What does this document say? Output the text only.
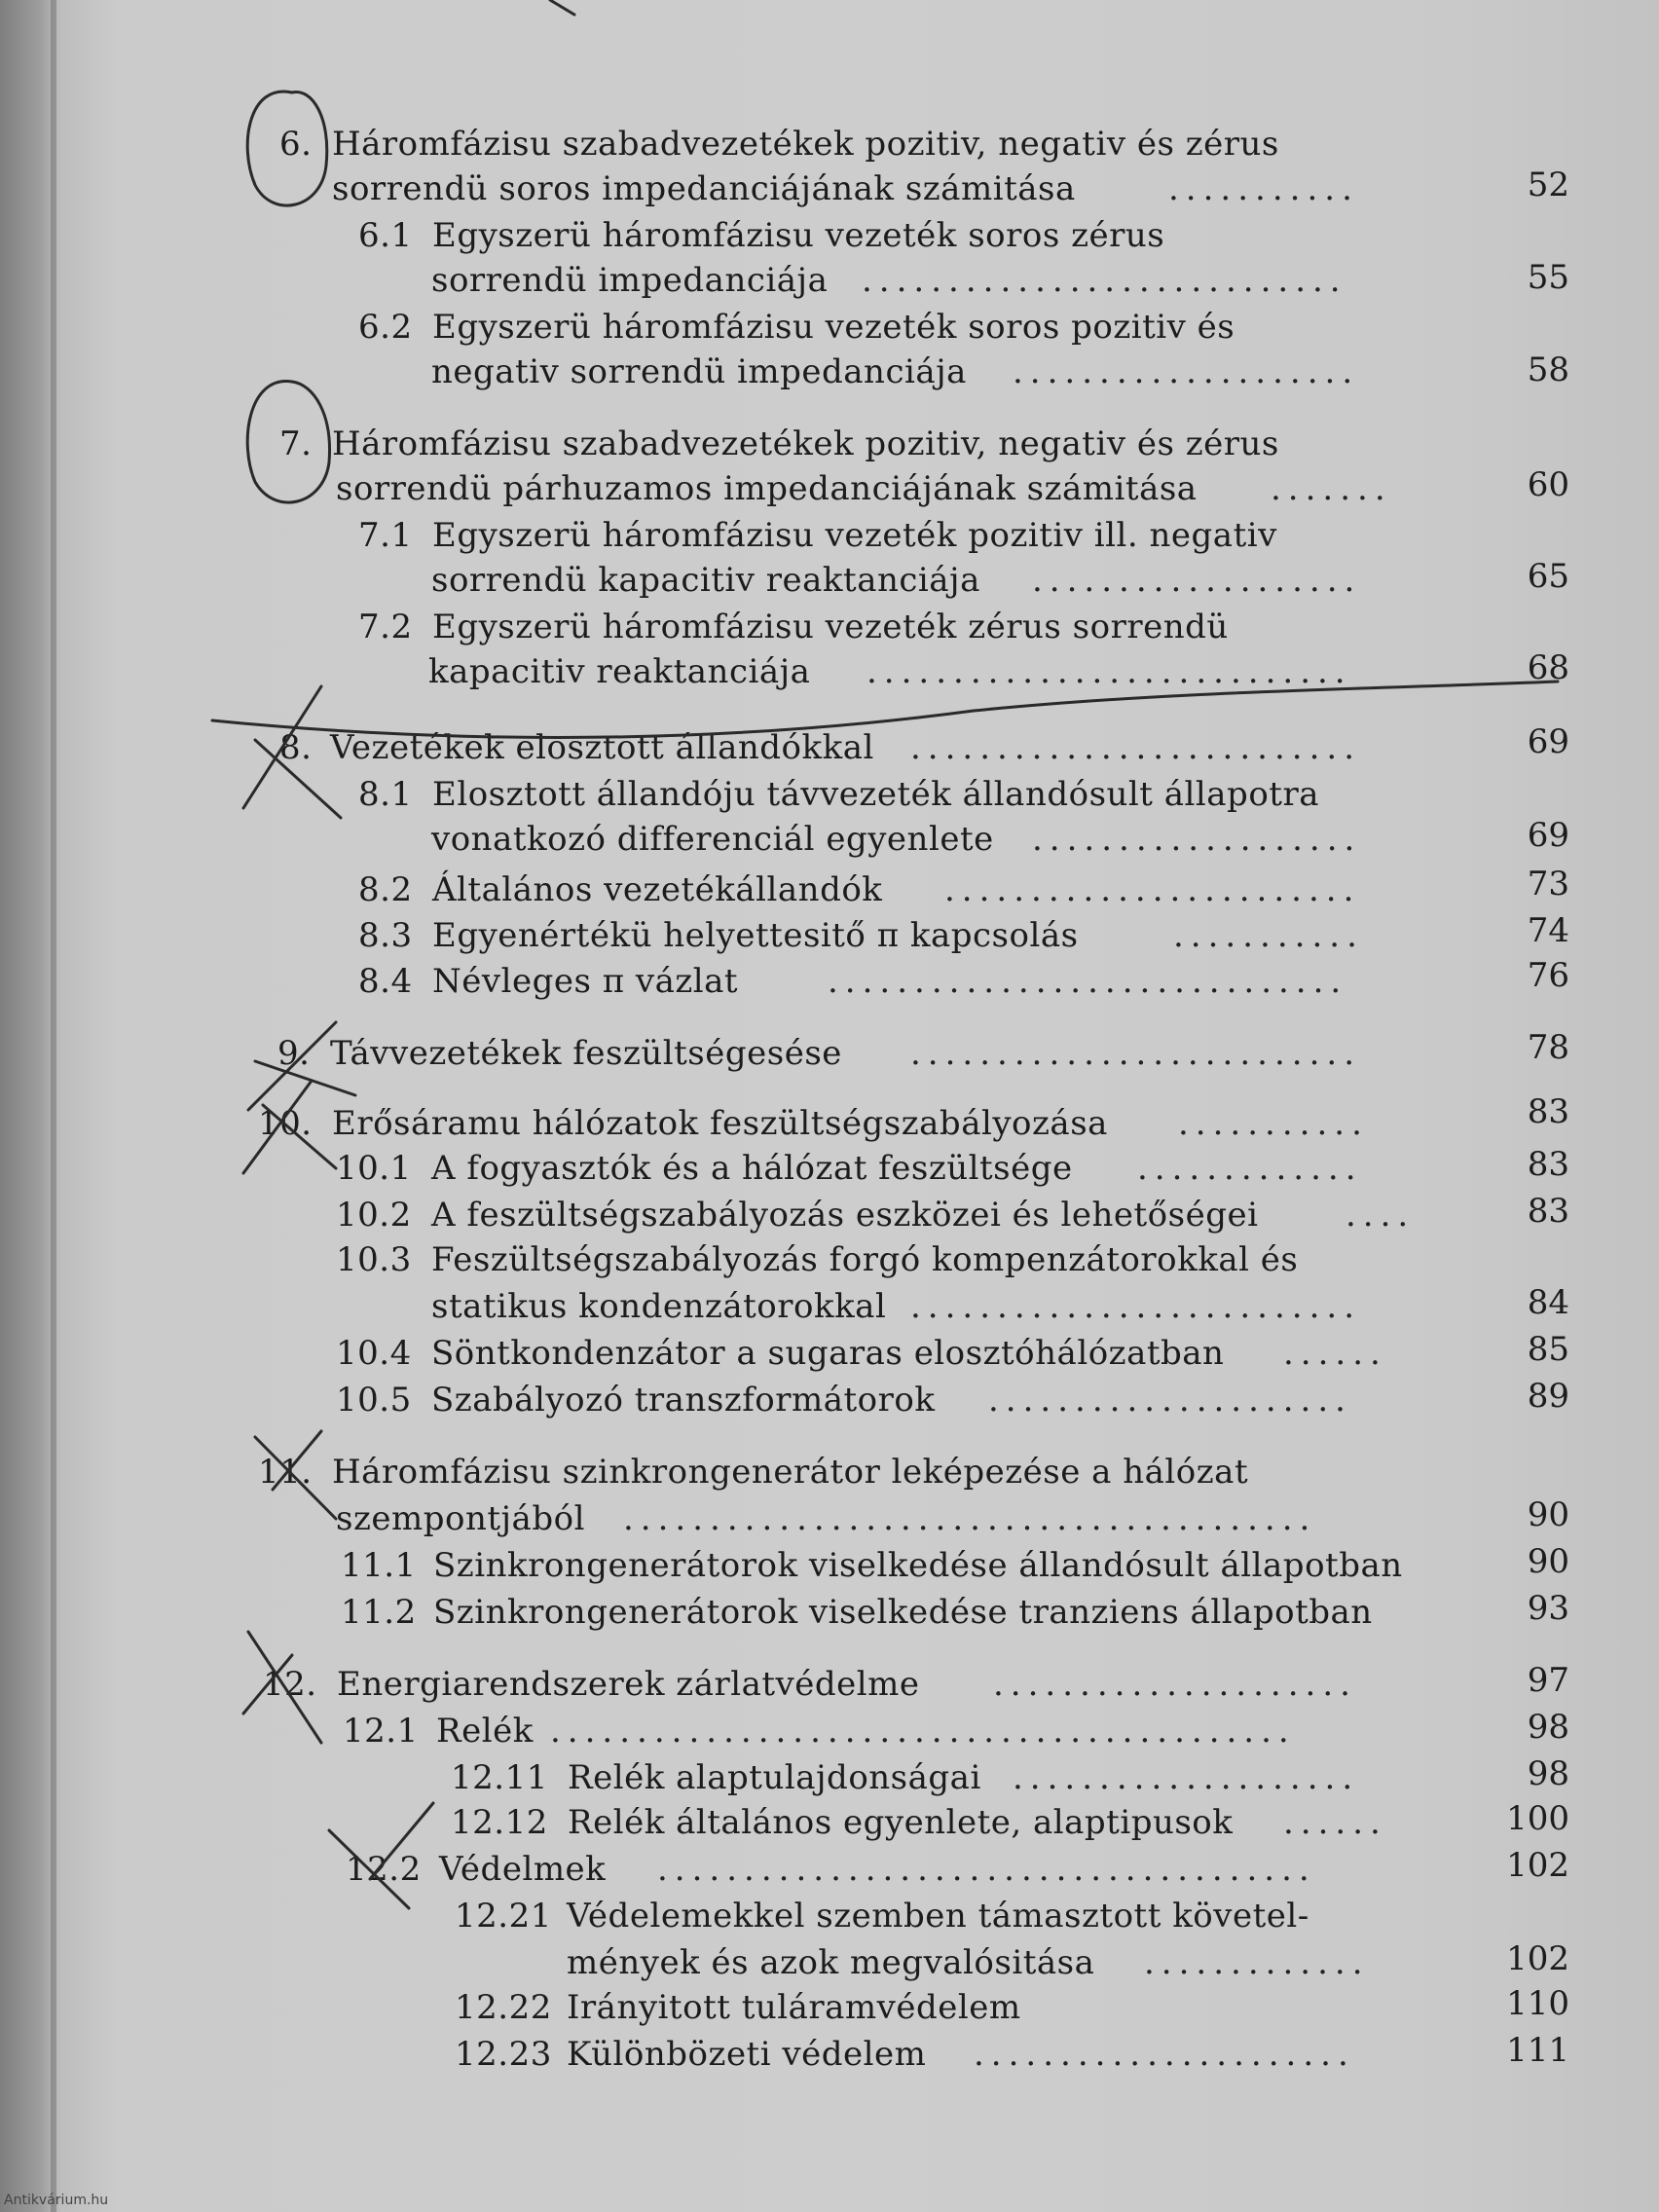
6. Háromfázisu szabadvezetékek pozitiv, negativ és zérus
sorrendü soros impedanciájának számitása	...........	52
6.1 Egyszerü háromfázisu vezeték soros zérus
sorrendü impedanciája ............................	55
6.2 Egyszerü háromfázisu vezeték soros pozitiv és
negativ sorrendü impedanciája ....................	58
7. Háromfázisu szabadvezetékek pozitiv, negativ és zérus
sorrendü párhuzamos impedanciájának számitása .......	60
7.1 Egyszerü háromfázisu vezeték pozitiv ill. negativ
sorrendü kapacitiv reaktanciája ...................	65
7.2 Egyszerü háromfázisu vezeték zérus sorrendü
kapacitiv reaktanciája ............................	68
8. Vezetékek elosztott állandókkal ..........................	69
8.1 Elosztott állandóju távvezeték állandósult állapotra
vonatkozó differenciál egyenlete ...................	69
8.2 Általános vezetékállandók ........................	73
8.3 Egyenértékü helyettesitő π kapcsolás	...........	74
8.4 Névleges π vázlat	..............................	76
9. Távvezetékek feszültségesése ..........................	78
10. Erősáramu hálózatok feszültségszabályozása ...........	83
10.1 A fogyasztók és a hálózat feszültsége .............	83
10.2 A feszültségszabályozás eszközei és lehetőségei	....	83
10.3 Feszültségszabályozás forgó kompenzátorokkal és
statikus kondenzátorokkal ..........................	84
10.4 Söntkondenzátor a sugaras elosztóhálózatban ......	85
10.5 Szabályozó transzformátorok .....................	89
11. Háromfázisu szinkrongenerátor leképezése a hálózat
szempontjából ........................................	90
11.1 Szinkrongenerátorok viselkedése állandósult állapotban	90
11.2 Szinkrongenerátorok viselkedése tranziens állapotban	93
12. Energiarendszerek zárlatvédelme .....................	97
12.1 Relék ...........................................	98
12.11 Relék alaptulajdonságai ....................	98
12.12 Relék általános egyenlete, alaptipusok ......	100
12.2 Védelmek ......................................	102
12.21 Védelemekkel szemben támasztott követel-
mények és azok megvalósitása .............	102
12.22 Irányitott tuláramvédelem	110
12.23 Különbözeti védelem ......................	111
Antikvárium.hu
